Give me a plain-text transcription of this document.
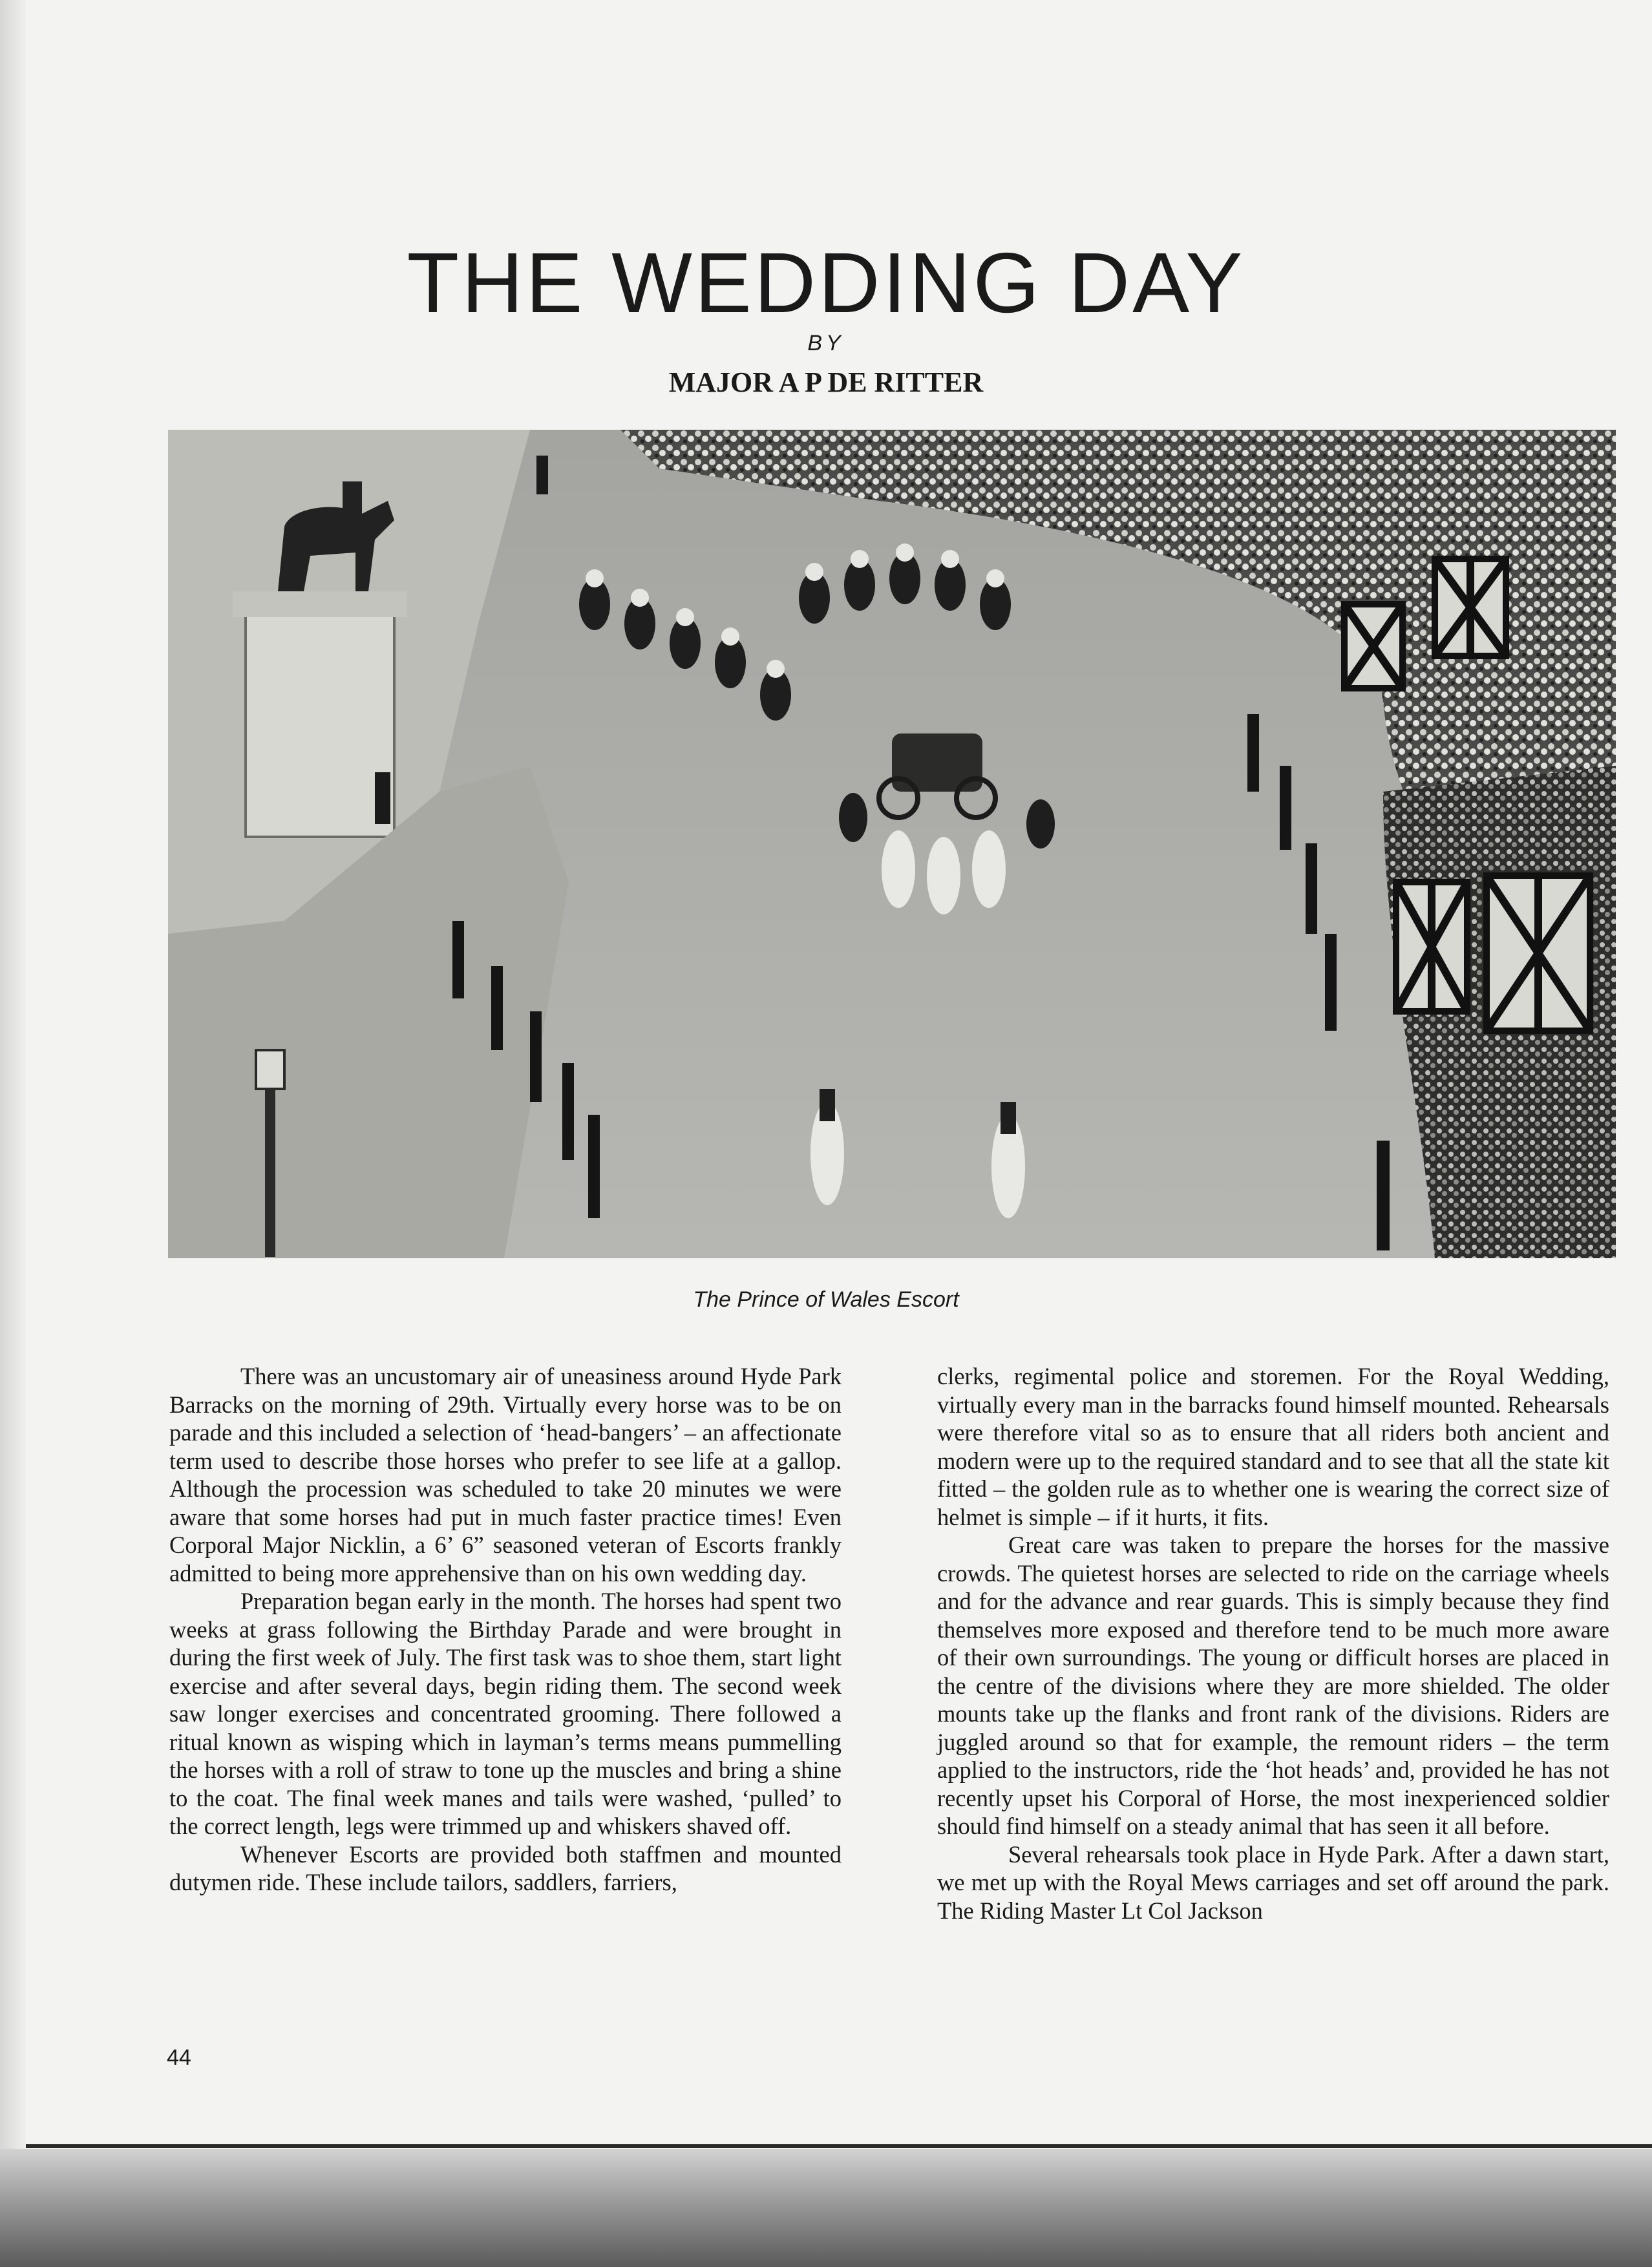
THE WEDDING DAY
BY
MAJOR A P DE RITTER
The Prince of Wales Escort

There was an uncustomary air of uneasiness around Hyde Park Barracks on the morning of 29th. Virtually every horse was to be on parade and this included a selection of ‘head-bangers’ – an affectionate term used to describe those horses who prefer to see life at a gallop. Although the procession was scheduled to take 20 minutes we were aware that some horses had put in much faster practice times! Even Corporal Major Nicklin, a 6’ 6” seasoned veteran of Escorts frankly admitted to being more apprehensive than on his own wedding day.

Preparation began early in the month. The horses had spent two weeks at grass following the Birthday Parade and were brought in during the first week of July. The first task was to shoe them, start light exercise and after several days, begin riding them. The second week saw longer exercises and concentrated grooming. There followed a ritual known as wisping which in layman’s terms means pummelling the horses with a roll of straw to tone up the muscles and bring a shine to the coat. The final week manes and tails were washed, ‘pulled’ to the correct length, legs were trimmed up and whiskers shaved off.

Whenever Escorts are provided both staffmen and mounted dutymen ride. These include tailors, saddlers, farriers,

clerks, regimental police and storemen. For the Royal Wedding, virtually every man in the barracks found himself mounted. Rehearsals were therefore vital so as to ensure that all riders both ancient and modern were up to the required standard and to see that all the state kit fitted – the golden rule as to whether one is wearing the correct size of helmet is simple – if it hurts, it fits.

Great care was taken to prepare the horses for the massive crowds. The quietest horses are selected to ride on the carriage wheels and for the advance and rear guards. This is simply because they find themselves more exposed and therefore tend to be much more aware of their own surroundings. The young or difficult horses are placed in the centre of the divisions where they are more shielded. The older mounts take up the flanks and front rank of the divisions. Riders are juggled around so that for example, the remount riders – the term applied to the instructors, ride the ‘hot heads’ and, provided he has not recently upset his Corporal of Horse, the most inexperienced soldier should find himself on a steady animal that has seen it all before.

Several rehearsals took place in Hyde Park. After a dawn start, we met up with the Royal Mews carriages and set off around the park. The Riding Master Lt Col Jackson

44
